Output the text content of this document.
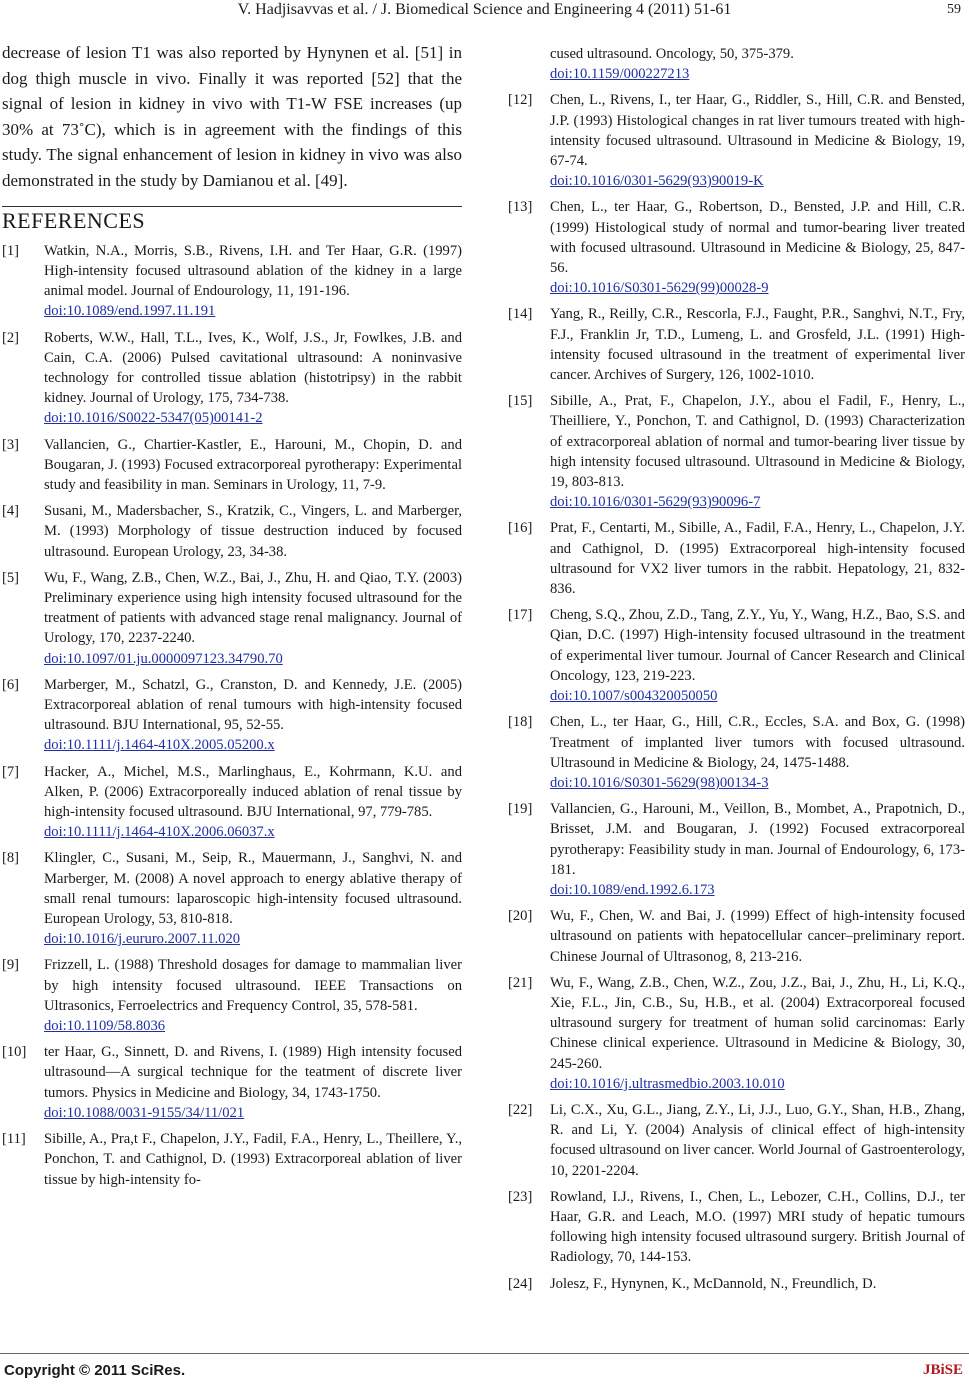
V. Hadjisavvas et al. / J. Biomedical Science and Engineering 4 (2011) 51-61	59

decrease of lesion T1 was also reported by Hynynen et al. [51] in dog thigh muscle in vivo. Finally it was reported [52] that the signal of lesion in kidney in vivo with T1-W FSE increases (up 30% at 73˚C), which is in agreement with the findings of this study. The signal enhancement of lesion in kidney in vivo was also demonstrated in the study by Damianou et al. [49].

REFERENCES
[1] Watkin, N.A., Morris, S.B., Rivens, I.H. and Ter Haar, G.R. (1997) High-intensity focused ultrasound ablation of the kidney in a large animal model. Journal of Endourology, 11, 191-196.
doi:10.1089/end.1997.11.191
[2] Roberts, W.W., Hall, T.L., Ives, K., Wolf, J.S., Jr, Fowlkes, J.B. and Cain, C.A. (2006) Pulsed cavitational ultrasound: A noninvasive technology for controlled tissue ablation (histotripsy) in the rabbit kidney. Journal of Urology, 175, 734-738.
doi:10.1016/S0022-5347(05)00141-2
[3] Vallancien, G., Chartier-Kastler, E., Harouni, M., Chopin, D. and Bougaran, J. (1993) Focused extracorporeal pyrotherapy: Experimental study and feasibility in man. Seminars in Urology, 11, 7-9.
[4] Susani, M., Madersbacher, S., Kratzik, C., Vingers, L. and Marberger, M. (1993) Morphology of tissue destruction induced by focused ultrasound. European Urology, 23, 34-38.
[5] Wu, F., Wang, Z.B., Chen, W.Z., Bai, J., Zhu, H. and Qiao, T.Y. (2003) Preliminary experience using high intensity focused ultrasound for the treatment of patients with advanced stage renal malignancy. Journal of Urology, 170, 2237-2240.
doi:10.1097/01.ju.0000097123.34790.70
[6] Marberger, M., Schatzl, G., Cranston, D. and Kennedy, J.E. (2005) Extracorporeal ablation of renal tumours with high-intensity focused ultrasound. BJU International, 95, 52-55.
doi:10.1111/j.1464-410X.2005.05200.x
[7] Hacker, A., Michel, M.S., Marlinghaus, E., Kohrmann, K.U. and Alken, P. (2006) Extracorporeally induced ablation of renal tissue by high-intensity focused ultrasound. BJU International, 97, 779-785.
doi:10.1111/j.1464-410X.2006.06037.x
[8] Klingler, C., Susani, M., Seip, R., Mauermann, J., Sanghvi, N. and Marberger, M. (2008) A novel approach to energy ablative therapy of small renal tumours: laparoscopic high-intensity focused ultrasound. European Urology, 53, 810-818.
doi:10.1016/j.eururo.2007.11.020
[9] Frizzell, L. (1988) Threshold dosages for damage to mammalian liver by high intensity focused ultrasound. IEEE Transactions on Ultrasonics, Ferroelectrics and Frequency Control, 35, 578-581.
doi:10.1109/58.8036
[10] ter Haar, G., Sinnett, D. and Rivens, I. (1989) High intensity focused ultrasound—A surgical technique for the teatment of discrete liver tumors. Physics in Medicine and Biology, 34, 1743-1750.
doi:10.1088/0031-9155/34/11/021
[11] Sibille, A., Pra,t F., Chapelon, J.Y., Fadil, F.A., Henry, L., Theillere, Y., Ponchon, T. and Cathignol, D. (1993) Extracorporeal ablation of liver tissue by high-intensity fo-
cused ultrasound. Oncology, 50, 375-379.
doi:10.1159/000227213
[12] Chen, L., Rivens, I., ter Haar, G., Riddler, S., Hill, C.R. and Bensted, J.P. (1993) Histological changes in rat liver tumours treated with high-intensity focused ultrasound. Ultrasound in Medicine & Biology, 19, 67-74.
doi:10.1016/0301-5629(93)90019-K
[13] Chen, L., ter Haar, G., Robertson, D., Bensted, J.P. and Hill, C.R. (1999) Histological study of normal and tumor-bearing liver treated with focused ultrasound. Ultrasound in Medicine & Biology, 25, 847-56.
doi:10.1016/S0301-5629(99)00028-9
[14] Yang, R., Reilly, C.R., Rescorla, F.J., Faught, P.R., Sanghvi, N.T., Fry, F.J., Franklin Jr, T.D., Lumeng, L. and Grosfeld, J.L. (1991) High-intensity focused ultrasound in the treatment of experimental liver cancer. Archives of Surgery, 126, 1002-1010.
[15] Sibille, A., Prat, F., Chapelon, J.Y., abou el Fadil, F., Henry, L., Theilliere, Y., Ponchon, T. and Cathignol, D. (1993) Characterization of extracorporeal ablation of normal and tumor-bearing liver tissue by high intensity focused ultrasound. Ultrasound in Medicine & Biology, 19, 803-813.
doi:10.1016/0301-5629(93)90096-7
[16] Prat, F., Centarti, M., Sibille, A., Fadil, F.A., Henry, L., Chapelon, J.Y. and Cathignol, D. (1995) Extracorporeal high-intensity focused ultrasound for VX2 liver tumors in the rabbit. Hepatology, 21, 832-836.
[17] Cheng, S.Q., Zhou, Z.D., Tang, Z.Y., Yu, Y., Wang, H.Z., Bao, S.S. and Qian, D.C. (1997) High-intensity focused ultrasound in the treatment of experimental liver tumour. Journal of Cancer Research and Clinical Oncology, 123, 219-223.
doi:10.1007/s004320050050
[18] Chen, L., ter Haar, G., Hill, C.R., Eccles, S.A. and Box, G. (1998) Treatment of implanted liver tumors with focused ultrasound. Ultrasound in Medicine & Biology, 24, 1475-1488.
doi:10.1016/S0301-5629(98)00134-3
[19] Vallancien, G., Harouni, M., Veillon, B., Mombet, A., Prapotnich, D., Brisset, J.M. and Bougaran, J. (1992) Focused extracorporeal pyrotherapy: Feasibility study in man. Journal of Endourology, 6, 173-181.
doi:10.1089/end.1992.6.173
[20] Wu, F., Chen, W. and Bai, J. (1999) Effect of high-intensity focused ultrasound on patients with hepatocellular cancer–preliminary report. Chinese Journal of Ultrasonog, 8, 213-216.
[21] Wu, F., Wang, Z.B., Chen, W.Z., Zou, J.Z., Bai, J., Zhu, H., Li, K.Q., Xie, F.L., Jin, C.B., Su, H.B., et al. (2004) Extracorporeal focused ultrasound surgery for treatment of human solid carcinomas: Early Chinese clinical experience. Ultrasound in Medicine & Biology, 30, 245-260.
doi:10.1016/j.ultrasmedbio.2003.10.010
[22] Li, C.X., Xu, G.L., Jiang, Z.Y., Li, J.J., Luo, G.Y., Shan, H.B., Zhang, R. and Li, Y. (2004) Analysis of clinical effect of high-intensity focused ultrasound on liver cancer. World Journal of Gastroenterology, 10, 2201-2204.
[23] Rowland, I.J., Rivens, I., Chen, L., Lebozer, C.H., Collins, D.J., ter Haar, G.R. and Leach, M.O. (1997) MRI study of hepatic tumours following high intensity focused ultrasound surgery. British Journal of Radiology, 70, 144-153.
[24] Jolesz, F., Hynynen, K., McDannold, N., Freundlich, D.
Copyright © 2011 SciRes.	JBiSE
